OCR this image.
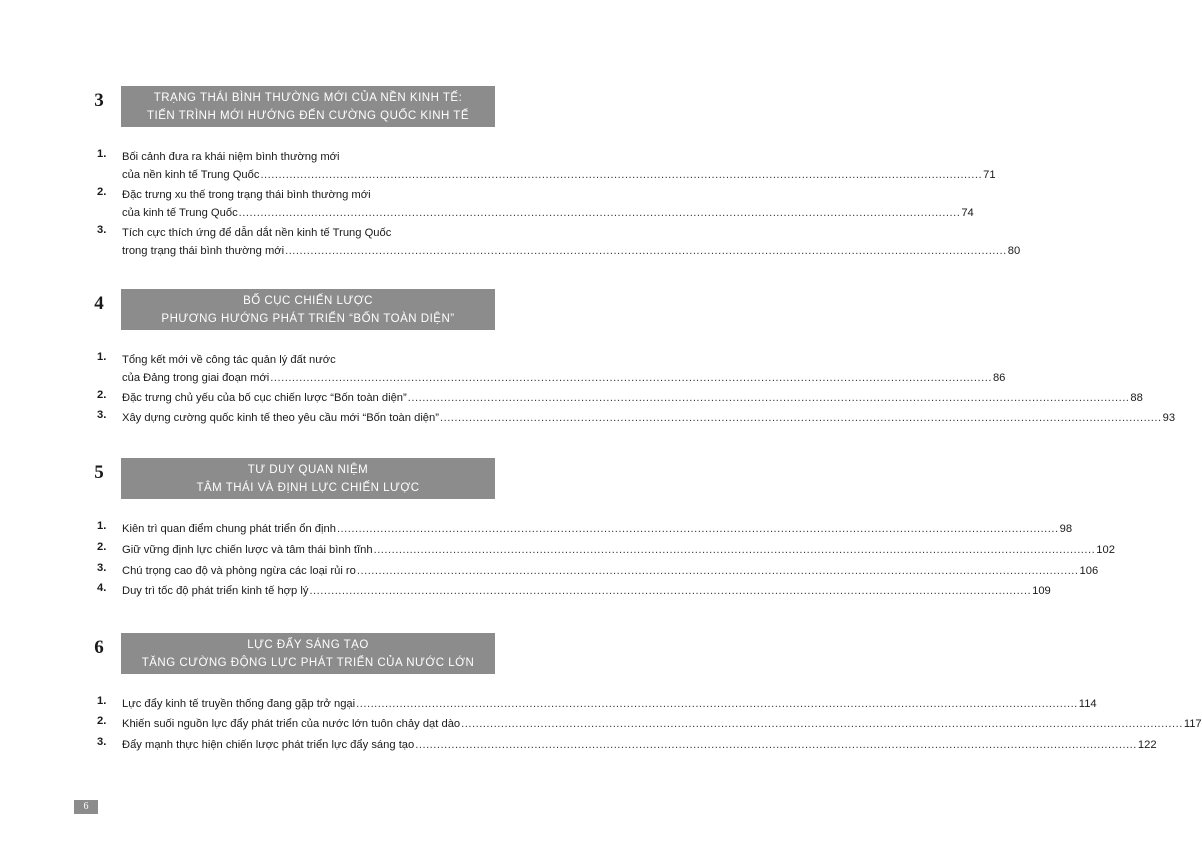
3	TRẠNG THÁI BÌNH THƯỜNG MỚI CỦA NỀN KINH TẾ:
TIẾN TRÌNH MỚI HƯỚNG ĐẾN CƯỜNG QUỐC KINH TẾ
1.	Bối cảnh đưa ra khái niệm bình thường mới
của nền kinh tế Trung Quốc ........................................................................................................................................................................................................ 71
2.	Đặc trưng xu thế trong trạng thái bình thường mới
của kinh tế Trung Quốc ........................................................................................................................................................................................................ 74
3.	Tích cực thích ứng để dẫn dắt nền kinh tế Trung Quốc
trong trạng thái bình thường mới ........................................................................................................................................................................................................ 80
4	BỐ CỤC CHIẾN LƯỢC
PHƯƠNG HƯỚNG PHÁT TRIỂN “BỐN TOÀN DIỆN”
1.	Tổng kết mới về công tác quản lý đất nước
của Đảng trong giai đoạn mới ........................................................................................................................................................................................................ 86
2.	Đặc trưng chủ yếu của bố cục chiến lược “Bốn toàn diện” ........................................................................................................................................................................................................ 88
3.	Xây dựng cường quốc kinh tế theo yêu cầu mới “Bốn toàn diện” ........................................................................................................................................................................................................ 93
5	TƯ DUY QUAN NIỆM
TÂM THÁI VÀ ĐỊNH LỰC CHIẾN LƯỢC
1.	Kiên trì quan điểm chung phát triển ổn định ........................................................................................................................................................................................................ 98
2.	Giữ vững định lực chiến lược và tâm thái bình tĩnh ........................................................................................................................................................................................................ 102
3.	Chú trọng cao độ và phòng ngừa các loại rủi ro ........................................................................................................................................................................................................ 106
4.	Duy trì tốc độ phát triển kinh tế hợp lý ........................................................................................................................................................................................................ 109
6	LỰC ĐẨY SÁNG TẠO
TĂNG CƯỜNG ĐỘNG LỰC PHÁT TRIỂN CỦA NƯỚC LỚN
1.	Lực đẩy kinh tế truyền thống đang gặp trở ngại ........................................................................................................................................................................................................ 114
2.	Khiến suối nguồn lực đẩy phát triển của nước lớn tuôn chảy dạt dào ........................................................................................................................................................................................................ 117
3.	Đẩy mạnh thực hiện chiến lược phát triển lực đẩy sáng tạo ........................................................................................................................................................................................................ 122
6
